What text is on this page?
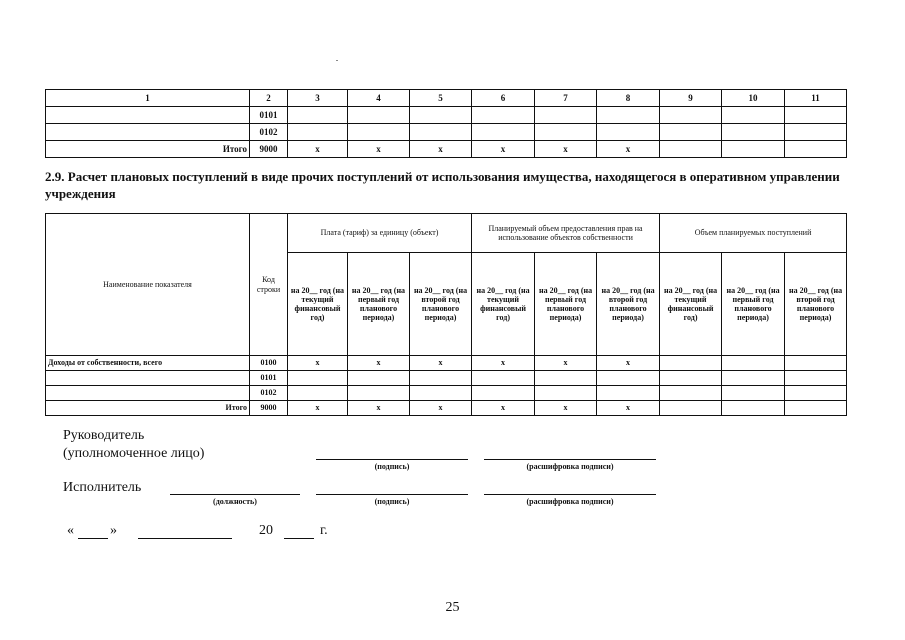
1	2	3	4	5	6	7	8	9	10	11
	0101									
	0102									
Итого	9000	x	x	x	x	x	x			
2.9. Расчет плановых поступлений в виде прочих поступлений от использования имущества, находящегося в оперативном управлении учреждения
Наименование показателя	Код строки	Плата (тариф) за единицу (объект)			Планируемый объем предоставления прав на использование объектов собственности			Объем планируемых поступлений		
		на 20__ год (на текущий финансовый год)	на 20__ год (на первый год планового периода)	на 20__ год (на второй год планового периода)	на 20__ год (на текущий финансовый год)	на 20__ год (на первый год планового периода)	на 20__ год (на второй год планового периода)	на 20__ год (на текущий финансовый год)	на 20__ год (на первый год планового периода)	на 20__ год (на второй год планового периода)
Доходы от собственности, всего	0100	x	x	x	x	x	x			
	0101									
	0102									
Итого	9000	x	x	x	x	x	x			
Руководитель
(уполномоченное лицо)
(подпись)	(расшифровка подписи)
Исполнитель
(должность)	(подпись)	(расшифровка подписи)
«	»	20	г.
25
